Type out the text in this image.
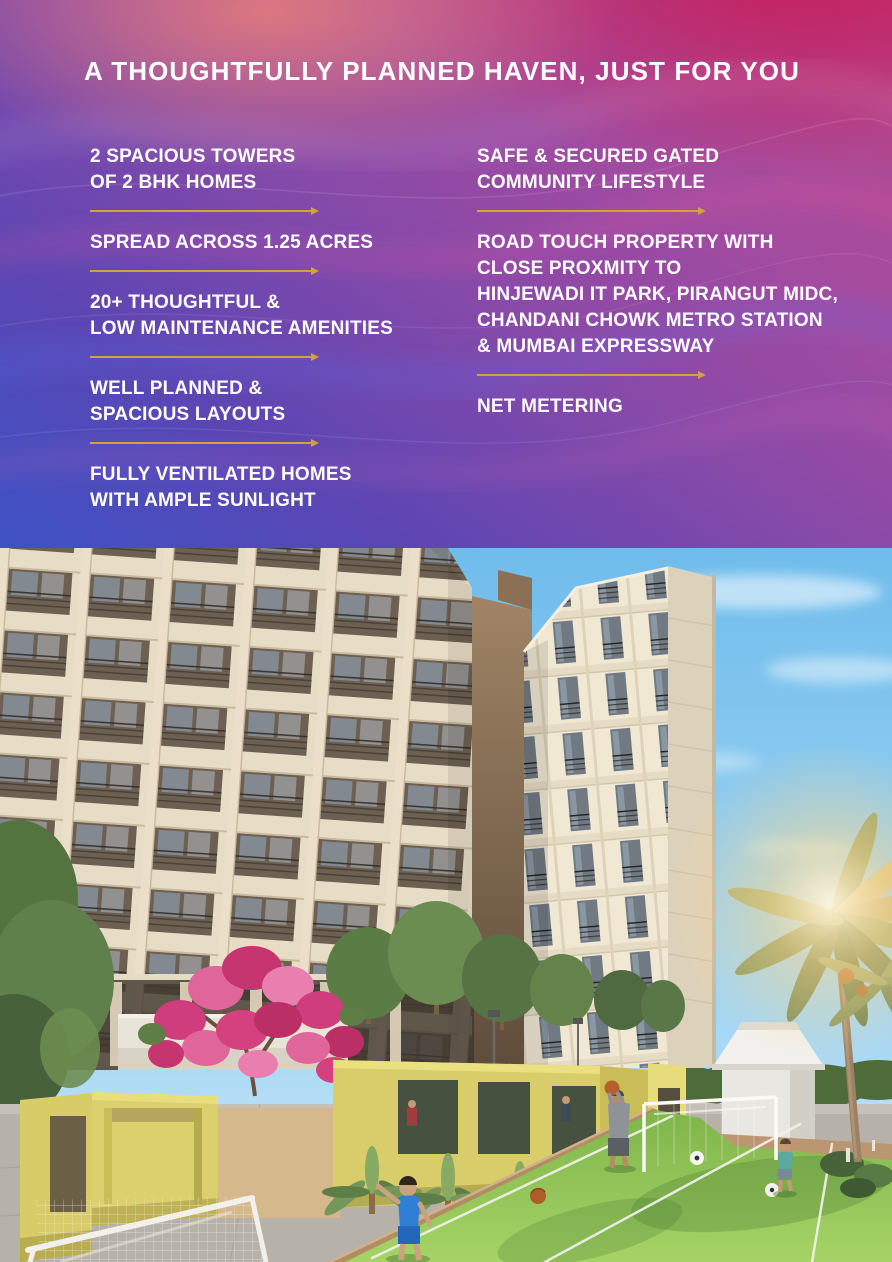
A THOUGHTFULLY PLANNED HAVEN, JUST FOR YOU
2 SPACIOUS TOWERS
OF 2 BHK HOMES
SPREAD ACROSS 1.25 ACRES
20+ THOUGHTFUL &
LOW MAINTENANCE AMENITIES
WELL PLANNED &
SPACIOUS LAYOUTS
FULLY VENTILATED HOMES
WITH AMPLE SUNLIGHT
SAFE & SECURED GATED
COMMUNITY LIFESTYLE
ROAD TOUCH PROPERTY WITH
CLOSE PROXMITY TO
HINJEWADI IT PARK, PIRANGUT MIDC,
CHANDANI CHOWK METRO STATION
& MUMBAI EXPRESSWAY
NET METERING
